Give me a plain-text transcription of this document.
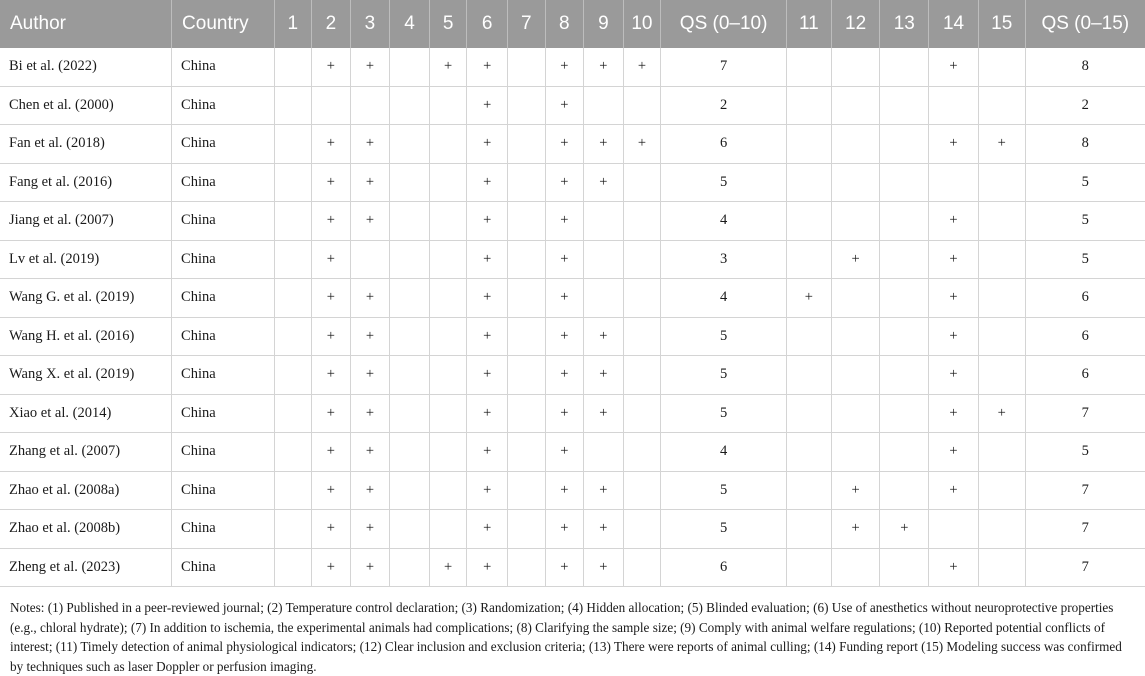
Author	Country	1	2	3	4	5	6	7	8	9	10	QS (0–10)	11	12	13	14	15	QS (0–15)
Bi et al. (2022)	China		+	+		+	+		+	+	+	7				+		8
Chen et al. (2000)	China						+		+			2						2
Fan et al. (2018)	China		+	+			+		+	+	+	6				+	+	8
Fang et al. (2016)	China		+	+			+		+	+		5						5
Jiang et al. (2007)	China		+	+			+		+			4				+		5
Lv et al. (2019)	China		+				+		+			3		+		+		5
Wang G. et al. (2019)	China		+	+			+		+			4	+			+		6
Wang H. et al. (2016)	China		+	+			+		+	+		5				+		6
Wang X. et al. (2019)	China		+	+			+		+	+		5				+		6
Xiao et al. (2014)	China		+	+			+		+	+		5				+	+	7
Zhang et al. (2007)	China		+	+			+		+			4				+		5
Zhao et al. (2008a)	China		+	+			+		+	+		5		+		+		7
Zhao et al. (2008b)	China		+	+			+		+	+		5		+	+			7
Zheng et al. (2023)	China		+	+		+	+		+	+		6				+		7

Notes: (1) Published in a peer-reviewed journal; (2) Temperature control declaration; (3) Randomization; (4) Hidden allocation; (5) Blinded evaluation; (6) Use of anesthetics without neuroprotective properties (e.g., chloral hydrate); (7) In addition to ischemia, the experimental animals had complications; (8) Clarifying the sample size; (9) Comply with animal welfare regulations; (10) Reported potential conflicts of interest; (11) Timely detection of animal physiological indicators; (12) Clear inclusion and exclusion criteria; (13) There were reports of animal culling; (14) Funding report (15) Modeling success was confirmed by techniques such as laser Doppler or perfusion imaging.
